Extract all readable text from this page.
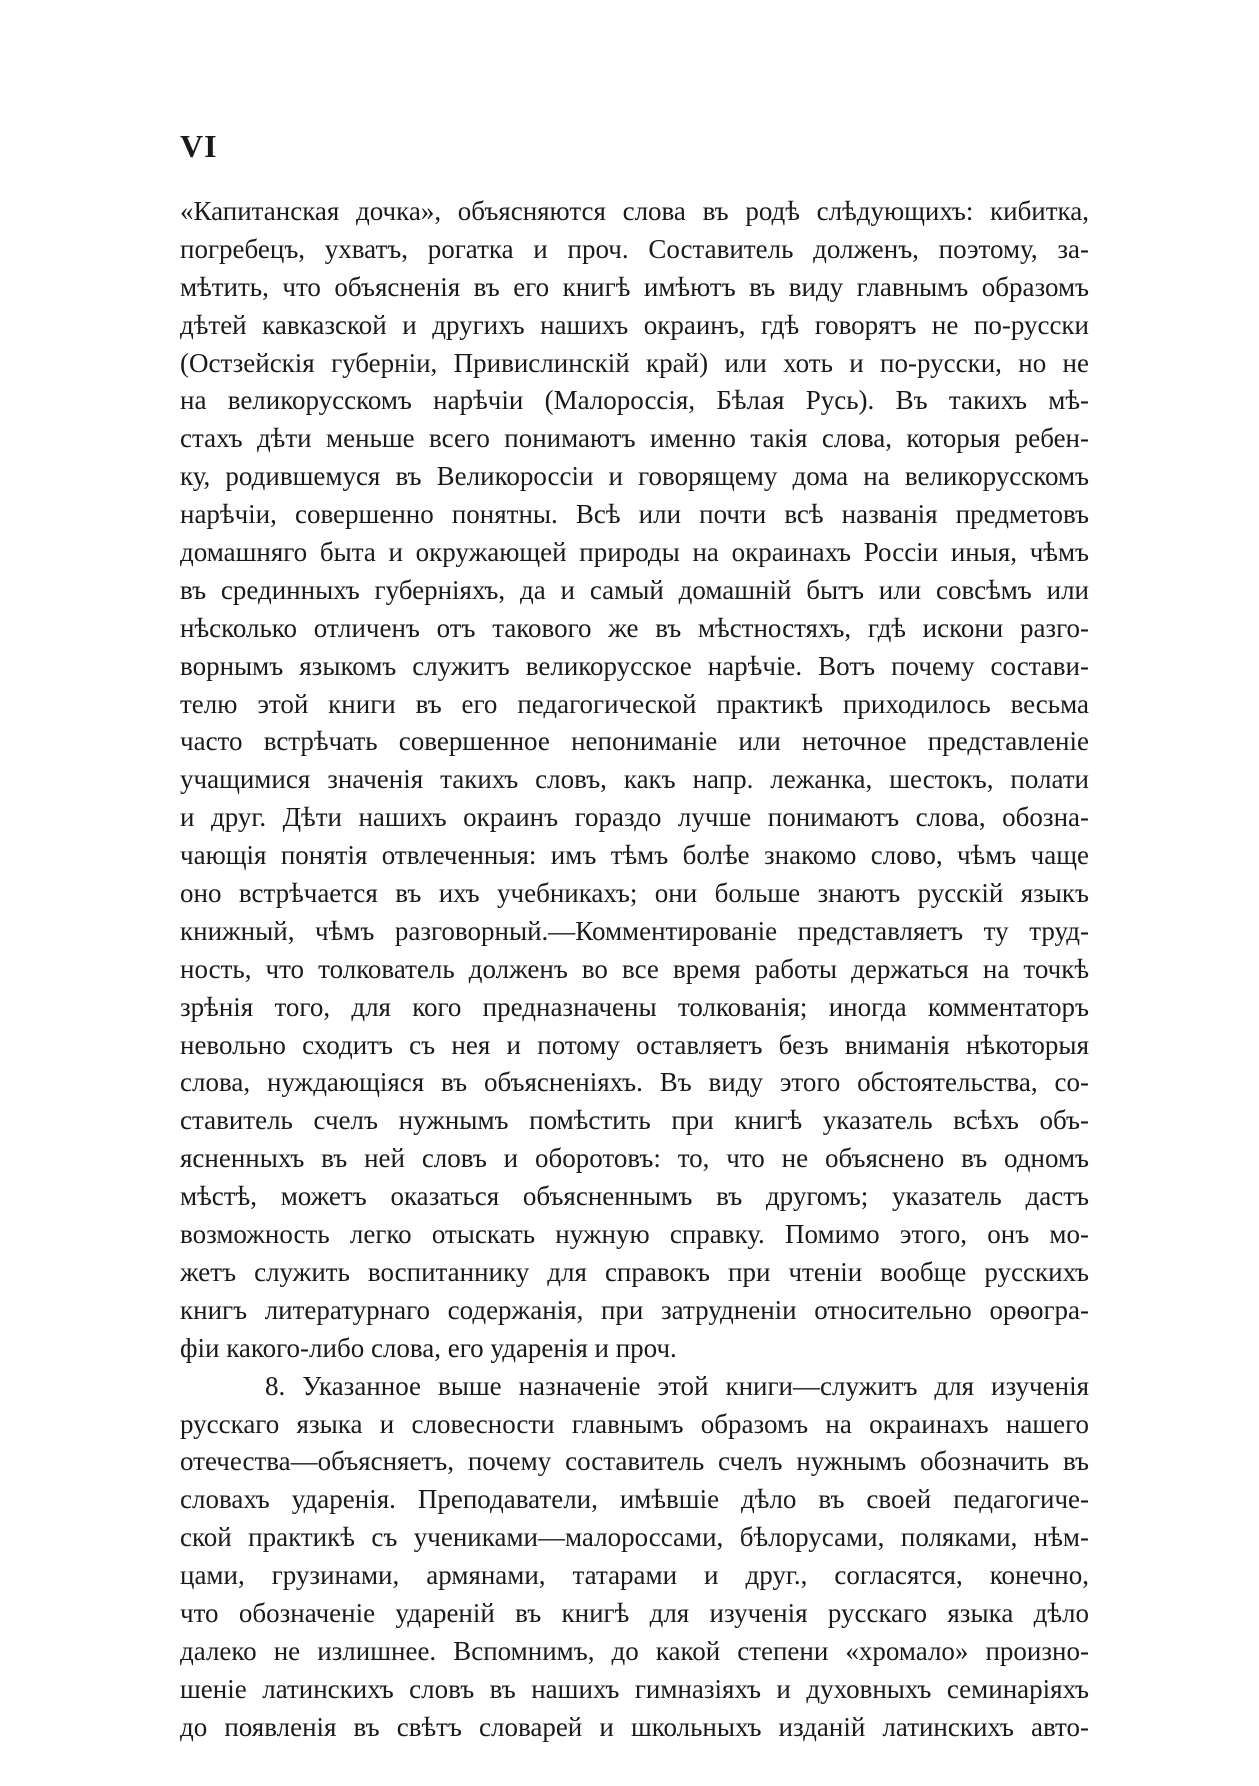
VI
«Капитанская дочка», объясняются слова въ родѣ слѣдующихъ: кибитка,
погребецъ, ухватъ, рогатка и проч. Составитель долженъ, поэтому, за-
мѣтить, что объясненія въ его книгѣ имѣютъ въ виду главнымъ образомъ
дѣтей кавказской и другихъ нашихъ окраинъ, гдѣ говорятъ не по-русски
(Остзейскія губерніи, Привислинскій край) или хоть и по-русски, но не
на великорусскомъ нарѣчіи (Малороссія, Бѣлая Русь). Въ такихъ мѣ-
стахъ дѣти меньше всего понимаютъ именно такія слова, которыя ребен-
ку, родившемуся въ Великороссіи и говорящему дома на великорусскомъ
нарѣчіи, совершенно понятны. Всѣ или почти всѣ названія предметовъ
домашняго быта и окружающей природы на окраинахъ Россіи иныя, чѣмъ
въ срединныхъ губерніяхъ, да и самый домашній бытъ или совсѣмъ или
нѣсколько отличенъ отъ такового же въ мѣстностяхъ, гдѣ искони разго-
ворнымъ языкомъ служитъ великорусское нарѣчіе. Вотъ почему состави-
телю этой книги въ его педагогической практикѣ приходилось весьма
часто встрѣчать совершенное непониманіе или неточное представленіе
учащимися значенія такихъ словъ, какъ напр. лежанка, шестокъ, полати
и друг. Дѣти нашихъ окраинъ гораздо лучше понимаютъ слова, обозна-
чающія понятія отвлеченныя: имъ тѣмъ болѣе знакомо слово, чѣмъ чаще
оно встрѣчается въ ихъ учебникахъ; они больше знаютъ русскій языкъ
книжный, чѣмъ разговорный.—Комментированіе представляетъ ту труд-
ность, что толкователь долженъ во все время работы держаться на точкѣ
зрѣнія того, для кого предназначены толкованія; иногда комментаторъ
невольно сходитъ съ нея и потому оставляетъ безъ вниманія нѣкоторыя
слова, нуждающіяся въ объясненіяхъ. Въ виду этого обстоятельства, со-
ставитель счелъ нужнымъ помѣстить при книгѣ указатель всѣхъ объ-
ясненныхъ въ ней словъ и оборотовъ: то, что не объяснено въ одномъ
мѣстѣ, можетъ оказаться объясненнымъ въ другомъ; указатель дастъ
возможность легко отыскать нужную справку. Помимо этого, онъ мо-
жетъ служить воспитаннику для справокъ при чтеніи вообще русскихъ
книгъ литературнаго содержанія, при затрудненіи относительно орѳогра-
фіи какого-либо слова, его ударенія и проч.
8. Указанное выше назначеніе этой книги—служитъ для изученія
русскаго языка и словесности главнымъ образомъ на окраинахъ нашего
отечества—объясняетъ, почему составитель счелъ нужнымъ обозначить въ
словахъ ударенія. Преподаватели, имѣвшіе дѣло въ своей педагогиче-
ской практикѣ съ учениками—малороссами, бѣлорусами, поляками, нѣм-
цами, грузинами, армянами, татарами и друг., согласятся, конечно,
что обозначеніе удареній въ книгѣ для изученія русскаго языка дѣло
далеко не излишнее. Вспомнимъ, до какой степени «хромало» произно-
шеніе латинскихъ словъ въ нашихъ гимназіяхъ и духовныхъ семинаріяхъ
до появленія въ свѣтъ словарей и школьныхъ изданій латинскихъ авто-
